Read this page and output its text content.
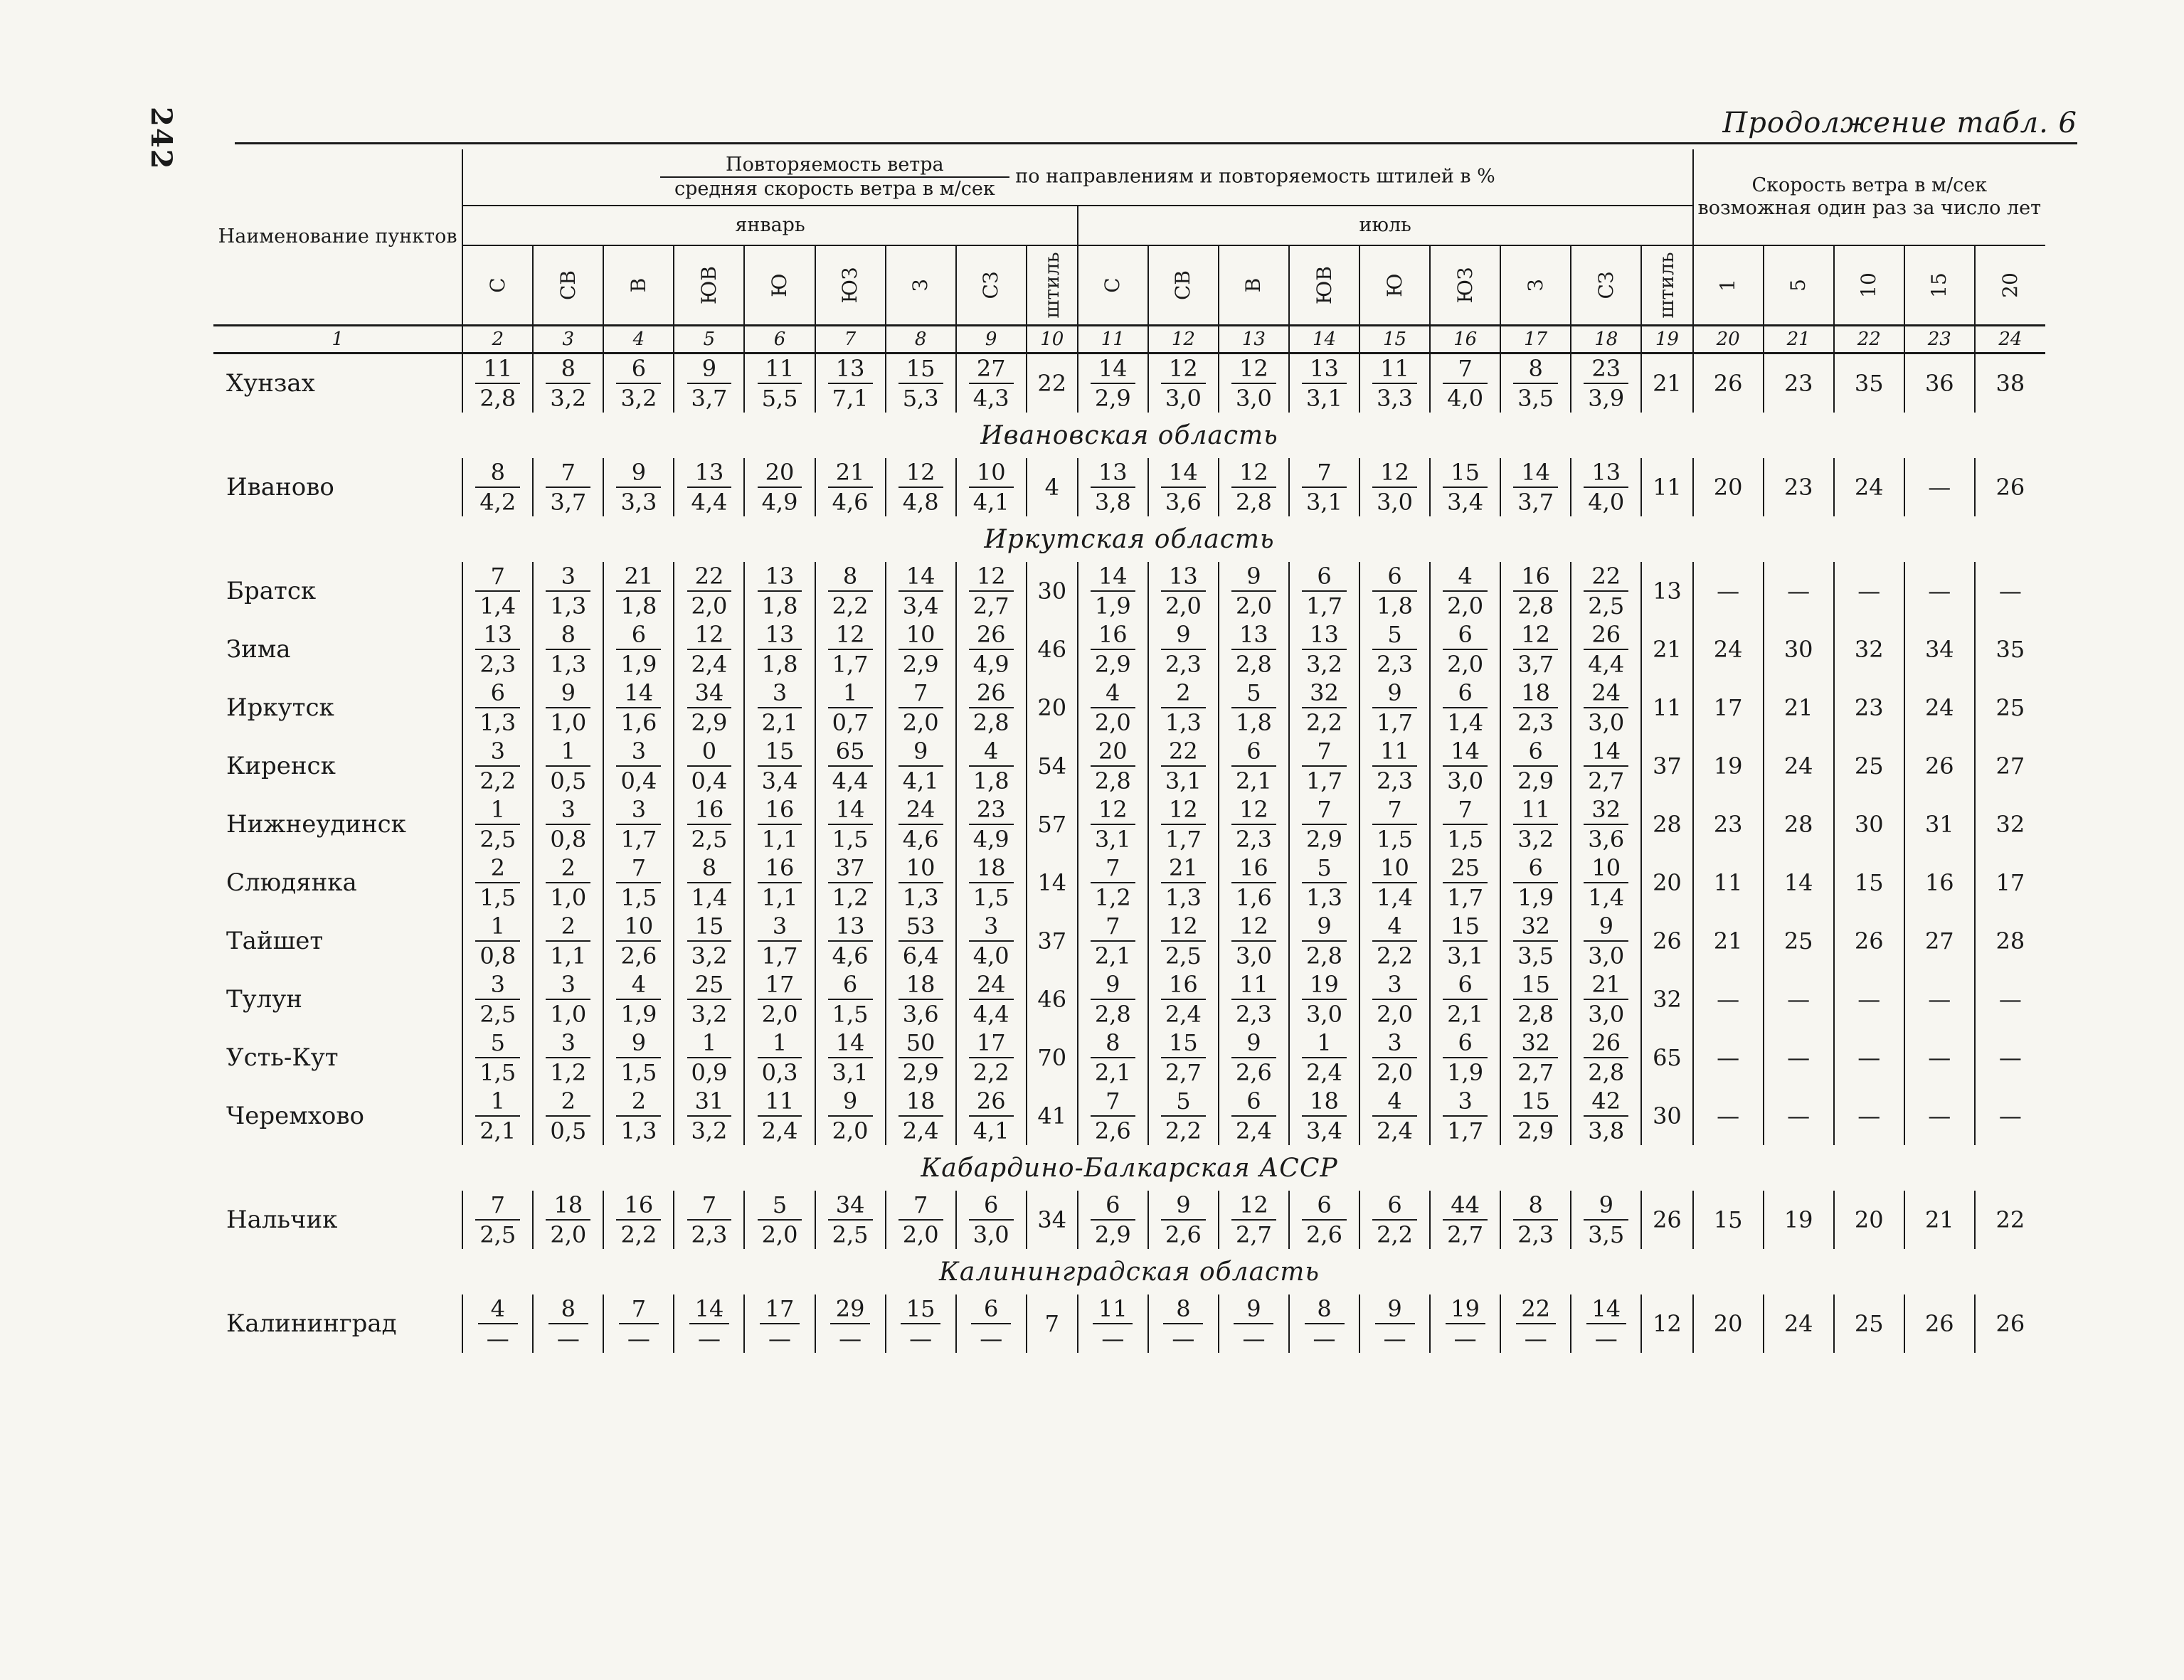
242	Продолжение табл. 6
Наименование пунктов	$\frac{\text{Повторяемость ветра}}{\text{средняя скорость ветра в м/сек}}$ по направлениям и повторяемость штилей в %																		Скорость ветра в м/сек возможная один раз за число лет				
	январь									июль													

	С	СВ	В	ЮВ	Ю	ЮЗ	З	СЗ	штиль	С	СВ	В	ЮВ	Ю	ЮЗ	З	СЗ	штиль	1	5	10	15	20

1	2	3	4	5	6	7	8	9	10	11	12	13	14	15	16	17	18	19	20	21	22	23	24
Хунзах	$\frac{11}{2,8}$	$\frac{8}{3,2}$	$\frac{6}{3,2}$	$\frac{9}{3,7}$	$\frac{11}{5,5}$	$\frac{13}{7,1}$	$\frac{15}{5,3}$	$\frac{27}{4,3}$	22	$\frac{14}{2,9}$	$\frac{12}{3,0}$	$\frac{12}{3,0}$	$\frac{13}{3,1}$	$\frac{11}{3,3}$	$\frac{7}{4,0}$	$\frac{8}{3,5}$	$\frac{23}{3,9}$	21	26	23	35	36	38
Ивановская область																							
Иваново	$\frac{8}{4,2}$	$\frac{7}{3,7}$	$\frac{9}{3,3}$	$\frac{13}{4,4}$	$\frac{20}{4,9}$	$\frac{21}{4,6}$	$\frac{12}{4,8}$	$\frac{10}{4,1}$	4	$\frac{13}{3,8}$	$\frac{14}{3,6}$	$\frac{12}{2,8}$	$\frac{7}{3,1}$	$\frac{12}{3,0}$	$\frac{15}{3,4}$	$\frac{14}{3,7}$	$\frac{13}{4,0}$	11	20	23	24	—	26
Иркутская область																							
Братск	$\frac{7}{1,4}$	$\frac{3}{1,3}$	$\frac{21}{1,8}$	$\frac{22}{2,0}$	$\frac{13}{1,8}$	$\frac{8}{2,2}$	$\frac{14}{3,4}$	$\frac{12}{2,7}$	30	$\frac{14}{1,9}$	$\frac{13}{2,0}$	$\frac{9}{2,0}$	$\frac{6}{1,7}$	$\frac{6}{1,8}$	$\frac{4}{2,0}$	$\frac{16}{2,8}$	$\frac{22}{2,5}$	13	—	—	—	—	—
Зима	$\frac{13}{2,3}$	$\frac{8}{1,3}$	$\frac{6}{1,9}$	$\frac{12}{2,4}$	$\frac{13}{1,8}$	$\frac{12}{1,7}$	$\frac{10}{2,9}$	$\frac{26}{4,9}$	46	$\frac{16}{2,9}$	$\frac{9}{2,3}$	$\frac{13}{2,8}$	$\frac{13}{3,2}$	$\frac{5}{2,3}$	$\frac{6}{2,0}$	$\frac{12}{3,7}$	$\frac{26}{4,4}$	21	24	30	32	34	35
Иркутск	$\frac{6}{1,3}$	$\frac{9}{1,0}$	$\frac{14}{1,6}$	$\frac{34}{2,9}$	$\frac{3}{2,1}$	$\frac{1}{0,7}$	$\frac{7}{2,0}$	$\frac{26}{2,8}$	20	$\frac{4}{2,0}$	$\frac{2}{1,3}$	$\frac{5}{1,8}$	$\frac{32}{2,2}$	$\frac{9}{1,7}$	$\frac{6}{1,4}$	$\frac{18}{2,3}$	$\frac{24}{3,0}$	11	17	21	23	24	25
Киренск	$\frac{3}{2,2}$	$\frac{1}{0,5}$	$\frac{3}{0,4}$	$\frac{0}{0,4}$	$\frac{15}{3,4}$	$\frac{65}{4,4}$	$\frac{9}{4,1}$	$\frac{4}{1,8}$	54	$\frac{20}{2,8}$	$\frac{22}{3,1}$	$\frac{6}{2,1}$	$\frac{7}{1,7}$	$\frac{11}{2,3}$	$\frac{14}{3,0}$	$\frac{6}{2,9}$	$\frac{14}{2,7}$	37	19	24	25	26	27
Нижнеудинск	$\frac{1}{2,5}$	$\frac{3}{0,8}$	$\frac{3}{1,7}$	$\frac{16}{2,5}$	$\frac{16}{1,1}$	$\frac{14}{1,5}$	$\frac{24}{4,6}$	$\frac{23}{4,9}$	57	$\frac{12}{3,1}$	$\frac{12}{1,7}$	$\frac{12}{2,3}$	$\frac{7}{2,9}$	$\frac{7}{1,5}$	$\frac{7}{1,5}$	$\frac{11}{3,2}$	$\frac{32}{3,6}$	28	23	28	30	31	32
Слюдянка	$\frac{2}{1,5}$	$\frac{2}{1,0}$	$\frac{7}{1,5}$	$\frac{8}{1,4}$	$\frac{16}{1,1}$	$\frac{37}{1,2}$	$\frac{10}{1,3}$	$\frac{18}{1,5}$	14	$\frac{7}{1,2}$	$\frac{21}{1,3}$	$\frac{16}{1,6}$	$\frac{5}{1,3}$	$\frac{10}{1,4}$	$\frac{25}{1,7}$	$\frac{6}{1,9}$	$\frac{10}{1,4}$	20	11	14	15	16	17
Тайшет	$\frac{1}{0,8}$	$\frac{2}{1,1}$	$\frac{10}{2,6}$	$\frac{15}{3,2}$	$\frac{3}{1,7}$	$\frac{13}{4,6}$	$\frac{53}{6,4}$	$\frac{3}{4,0}$	37	$\frac{7}{2,1}$	$\frac{12}{2,5}$	$\frac{12}{3,0}$	$\frac{9}{2,8}$	$\frac{4}{2,2}$	$\frac{15}{3,1}$	$\frac{32}{3,5}$	$\frac{9}{3,0}$	26	21	25	26	27	28
Тулун	$\frac{3}{2,5}$	$\frac{3}{1,0}$	$\frac{4}{1,9}$	$\frac{25}{3,2}$	$\frac{17}{2,0}$	$\frac{6}{1,5}$	$\frac{18}{3,6}$	$\frac{24}{4,4}$	46	$\frac{9}{2,8}$	$\frac{16}{2,4}$	$\frac{11}{2,3}$	$\frac{19}{3,0}$	$\frac{3}{2,0}$	$\frac{6}{2,1}$	$\frac{15}{2,8}$	$\frac{21}{3,0}$	32	—	—	—	—	—
Усть-Кут	$\frac{5}{1,5}$	$\frac{3}{1,2}$	$\frac{9}{1,5}$	$\frac{1}{0,9}$	$\frac{1}{0,3}$	$\frac{14}{3,1}$	$\frac{50}{2,9}$	$\frac{17}{2,2}$	70	$\frac{8}{2,1}$	$\frac{15}{2,7}$	$\frac{9}{2,6}$	$\frac{1}{2,4}$	$\frac{3}{2,0}$	$\frac{6}{1,9}$	$\frac{32}{2,7}$	$\frac{26}{2,8}$	65	—	—	—	—	—
Черемхово	$\frac{1}{2,1}$	$\frac{2}{0,5}$	$\frac{2}{1,3}$	$\frac{31}{3,2}$	$\frac{11}{2,4}$	$\frac{9}{2,0}$	$\frac{18}{2,4}$	$\frac{26}{4,1}$	41	$\frac{7}{2,6}$	$\frac{5}{2,2}$	$\frac{6}{2,4}$	$\frac{18}{3,4}$	$\frac{4}{2,4}$	$\frac{3}{1,7}$	$\frac{15}{2,9}$	$\frac{42}{3,8}$	30	—	—	—	—	—
Кабардино-Балкарская АССР																							
Нальчик	$\frac{7}{2,5}$	$\frac{18}{2,0}$	$\frac{16}{2,2}$	$\frac{7}{2,3}$	$\frac{5}{2,0}$	$\frac{34}{2,5}$	$\frac{7}{2,0}$	$\frac{6}{3,0}$	34	$\frac{6}{2,9}$	$\frac{9}{2,6}$	$\frac{12}{2,7}$	$\frac{6}{2,6}$	$\frac{6}{2,2}$	$\frac{44}{2,7}$	$\frac{8}{2,3}$	$\frac{9}{3,5}$	26	15	19	20	21	22
Калининградская область																							
Калининград	$\frac{4}{—}$	$\frac{8}{—}$	$\frac{7}{—}$	$\frac{14}{—}$	$\frac{17}{—}$	$\frac{29}{—}$	$\frac{15}{—}$	$\frac{6}{—}$	7	$\frac{11}{—}$	$\frac{8}{—}$	$\frac{9}{—}$	$\frac{8}{—}$	$\frac{9}{—}$	$\frac{19}{—}$	$\frac{22}{—}$	$\frac{14}{—}$	12	20	24	25	26	26
